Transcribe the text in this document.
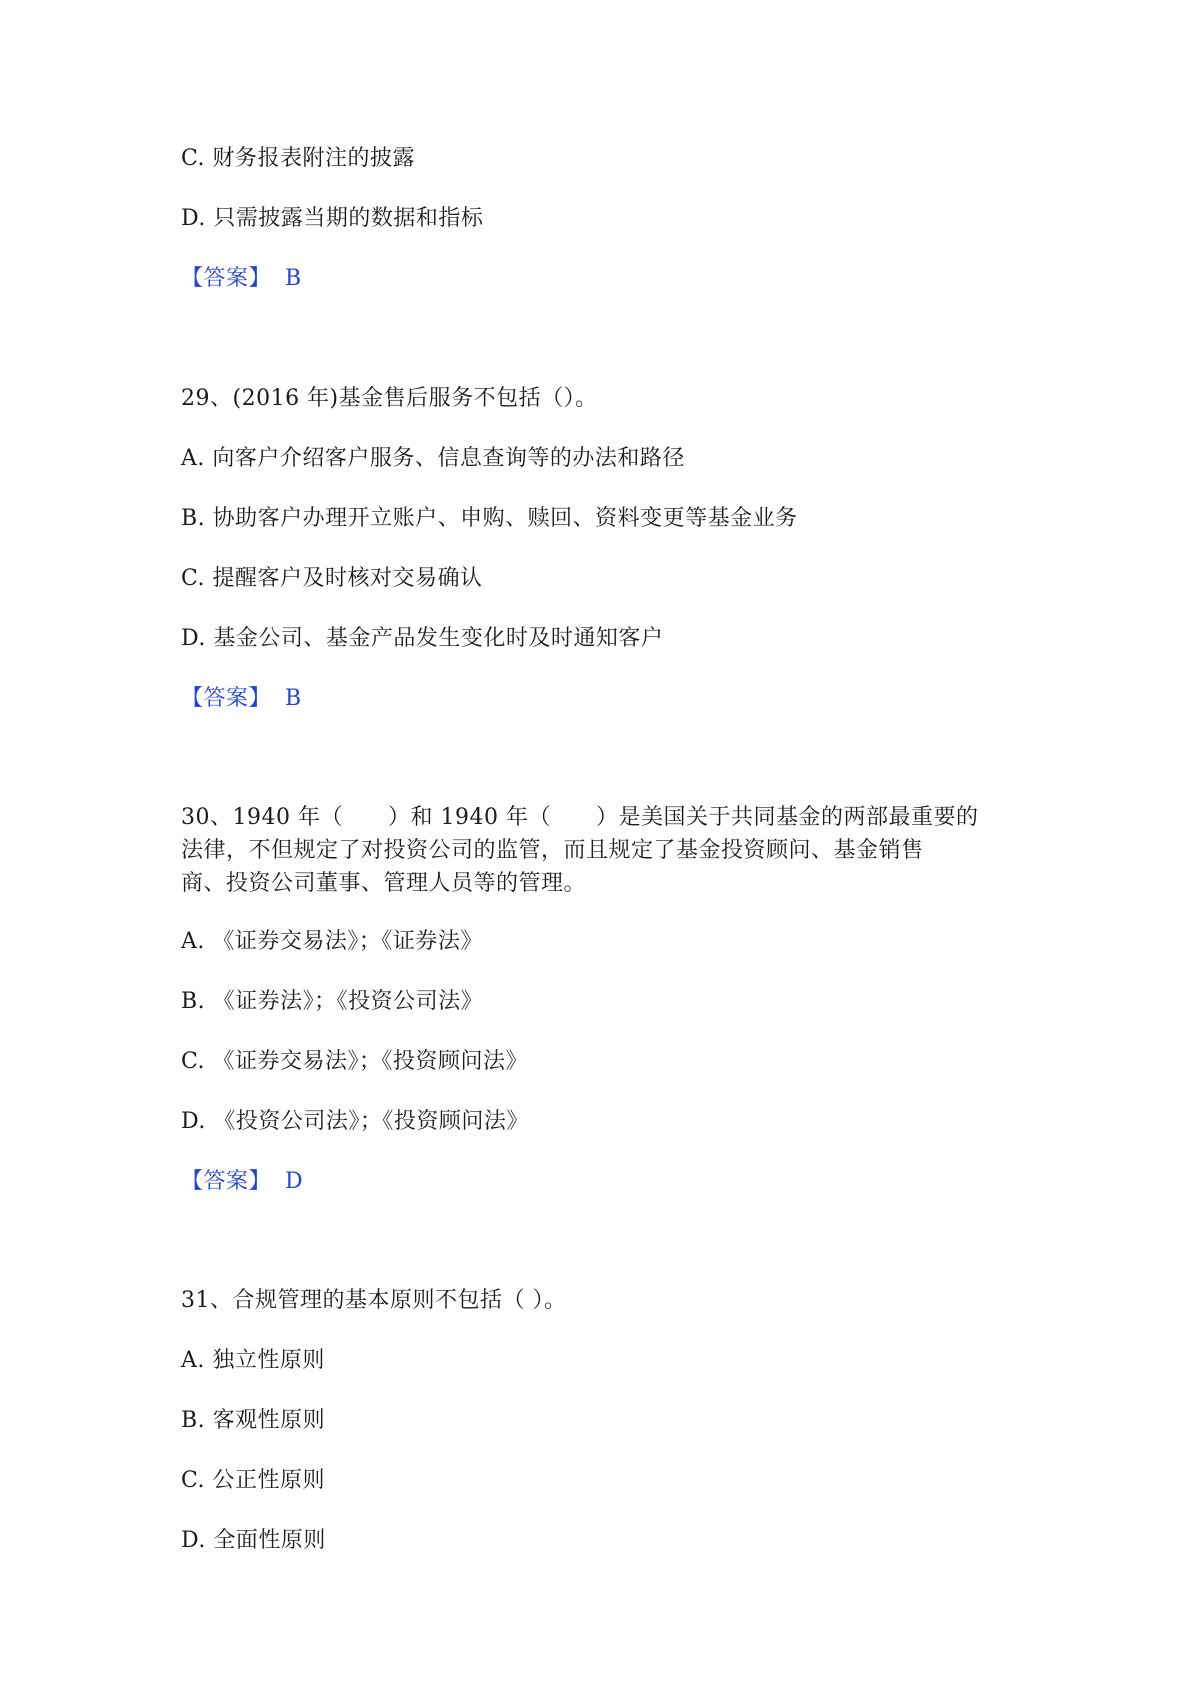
C. 财务报表附注的披露
D. 只需披露当期的数据和指标
【答案】 B
29、(2016 年)基金售后服务不包括（）。
A. 向客户介绍客户服务、信息查询等的办法和路径
B. 协助客户办理开立账户、申购、赎回、资料变更等基金业务
C. 提醒客户及时核对交易确认
D. 基金公司、基金产品发生变化时及时通知客户
【答案】 B
30、1940 年（　　）和 1940 年（　　）是美国关于共同基金的两部最重要的
法律，不但规定了对投资公司的监管，而且规定了基金投资顾问、基金销售
商、投资公司董事、管理人员等的管理。
A. 《证券交易法》；《证券法》
B. 《证券法》；《投资公司法》
C. 《证券交易法》；《投资顾问法》
D. 《投资公司法》；《投资顾问法》
【答案】 D
31、合规管理的基本原则不包括（ ）。
A. 独立性原则
B. 客观性原则
C. 公正性原则
D. 全面性原则
